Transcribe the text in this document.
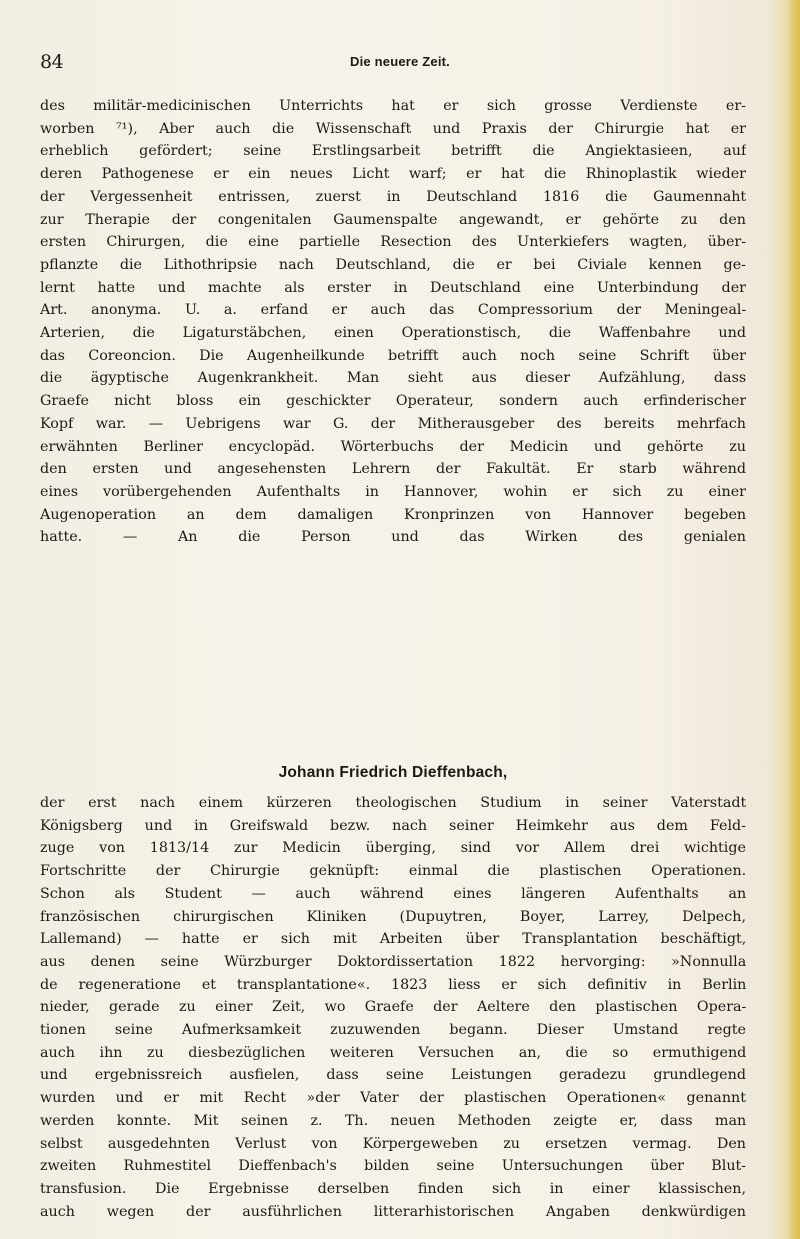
84	Die neuere Zeit.
des militär-medicinischen Unterrichts hat er sich grosse Verdienste er-
worben ⁷¹), Aber auch die Wissenschaft und Praxis der Chirurgie hat er
erheblich gefördert; seine Erstlingsarbeit betrifft die Angiektasieen, auf
deren Pathogenese er ein neues Licht warf; er hat die Rhinoplastik wieder
der Vergessenheit entrissen, zuerst in Deutschland 1816 die Gaumennaht
zur Therapie der congenitalen Gaumenspalte angewandt, er gehörte zu den
ersten Chirurgen, die eine partielle Resection des Unterkiefers wagten, über-
pflanzte die Lithothripsie nach Deutschland, die er bei Civiale kennen ge-
lernt hatte und machte als erster in Deutschland eine Unterbindung der
Art. anonyma. U. a. erfand er auch das Compressorium der Meningeal-
Arterien, die Ligaturstäbchen, einen Operationstisch, die Waffenbahre und
das Coreoncion. Die Augenheilkunde betrifft auch noch seine Schrift über
die ägyptische Augenkrankheit. Man sieht aus dieser Aufzählung, dass
Graefe nicht bloss ein geschickter Operateur, sondern auch erfinderischer
Kopf war. — Uebrigens war G. der Mitherausgeber des bereits mehrfach
erwähnten Berliner encyclopäd. Wörterbuchs der Medicin und gehörte zu
den ersten und angesehensten Lehrern der Fakultät. Er starb während
eines vorübergehenden Aufenthalts in Hannover, wohin er sich zu einer
Augenoperation an dem damaligen Kronprinzen von Hannover begeben
hatte. — An die Person und das Wirken des genialen
Johann Friedrich Dieffenbach,
der erst nach einem kürzeren theologischen Studium in seiner Vaterstadt
Königsberg und in Greifswald bezw. nach seiner Heimkehr aus dem Feld-
zuge von 1813/14 zur Medicin überging, sind vor Allem drei wichtige
Fortschritte der Chirurgie geknüpft: einmal die plastischen Operationen.
Schon als Student — auch während eines längeren Aufenthalts an
französischen chirurgischen Kliniken (Dupuytren, Boyer, Larrey, Delpech,
Lallemand) — hatte er sich mit Arbeiten über Transplantation beschäftigt,
aus denen seine Würzburger Doktordissertation 1822 hervorging: »Nonnulla
de regeneratione et transplantatione«. 1823 liess er sich definitiv in Berlin
nieder, gerade zu einer Zeit, wo Graefe der Aeltere den plastischen Opera-
tionen seine Aufmerksamkeit zuzuwenden begann. Dieser Umstand regte
auch ihn zu diesbezüglichen weiteren Versuchen an, die so ermuthigend
und ergebnissreich ausfielen, dass seine Leistungen geradezu grundlegend
wurden und er mit Recht »der Vater der plastischen Operationen« genannt
werden konnte. Mit seinen z. Th. neuen Methoden zeigte er, dass man
selbst ausgedehnten Verlust von Körpergeweben zu ersetzen vermag. Den
zweiten Ruhmestitel Dieffenbach's bilden seine Untersuchungen über Blut-
transfusion. Die Ergebnisse derselben finden sich in einer klassischen,
auch wegen der ausführlichen litterarhistorischen Angaben denkwürdigen
